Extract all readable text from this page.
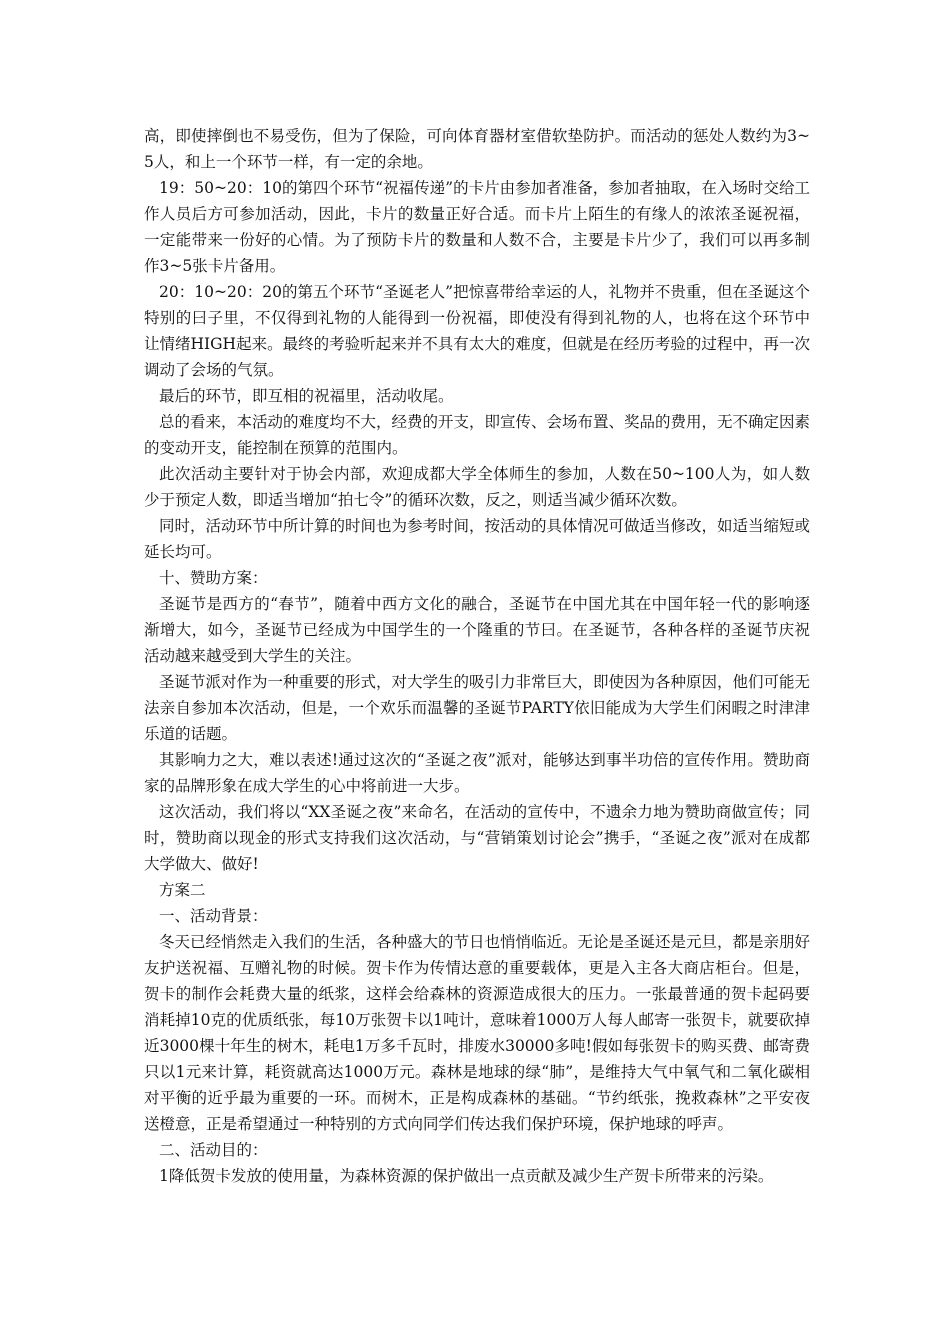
高，即使摔倒也不易受伤，但为了保险，可向体育器材室借软垫防护。而活动的惩处人数约为3~5人，和上一个环节一样，有一定的余地。

19：50~20：10的第四个环节“祝福传递”的卡片由参加者准备，参加者抽取，在入场时交给工作人员后方可参加活动，因此，卡片的数量正好合适。而卡片上陌生的有缘人的浓浓圣诞祝福，一定能带来一份好的心情。为了预防卡片的数量和人数不合，主要是卡片少了，我们可以再多制作3~5张卡片备用。

20：10~20：20的第五个环节“圣诞老人”把惊喜带给幸运的人，礼物并不贵重，但在圣诞这个特别的曰子里，不仅得到礼物的人能得到一份祝福，即使没有得到礼物的人，也将在这个环节中让情绪HIGH起来。最终的考验听起来并不具有太大的难度，但就是在经历考验的过程中，再一次调动了会场的气氛。

最后的环节，即互相的祝福里，活动收尾。

总的看来，本活动的难度均不大，经费的开支，即宣传、会场布置、奖品的费用，无不确定因素的变动开支，能控制在预算的范围内。

此次活动主要针对于协会内部，欢迎成都大学全体师生的参加，人数在50~100人为，如人数少于预定人数，即适当增加“拍七令”的循环次数，反之，则适当减少循环次数。

同时，活动环节中所计算的时间也为参考时间，按活动的具体情况可做适当修改，如适当缩短或延长均可。

十、赞助方案：

圣诞节是西方的“春节”，随着中西方文化的融合，圣诞节在中国尤其在中国年轻一代的影响逐渐增大，如今，圣诞节已经成为中国学生的一个隆重的节曰。在圣诞节，各种各样的圣诞节庆祝活动越来越受到大学生的关注。

圣诞节派对作为一种重要的形式，对大学生的吸引力非常巨大，即使因为各种原因，他们可能无法亲自参加本次活动，但是，一个欢乐而温馨的圣诞节PARTY依旧能成为大学生们闲暇之时津津乐道的话题。

其影响力之大，难以表述!通过这次的“圣诞之夜”派对，能够达到事半功倍的宣传作用。赞助商家的品牌形象在成大学生的心中将前进一大步。

这次活动，我们将以“XX圣诞之夜”来命名，在活动的宣传中，不遗余力地为赞助商做宣传；同时，赞助商以现金的形式支持我们这次活动，与“营销策划讨论会”携手，“圣诞之夜”派对在成都大学做大、做好!

方案二

一、活动背景：

冬天已经悄然走入我们的生活，各种盛大的节日也悄悄临近。无论是圣诞还是元旦，都是亲朋好友护送祝福、互赠礼物的时候。贺卡作为传情达意的重要载体，更是入主各大商店柜台。但是，贺卡的制作会耗费大量的纸浆，这样会给森林的资源造成很大的压力。一张最普通的贺卡起码要消耗掉10克的优质纸张，每10万张贺卡以1吨计，意味着1000万人每人邮寄一张贺卡，就要砍掉近3000棵十年生的树木，耗电1万多千瓦时，排废水30000多吨!假如每张贺卡的购买费、邮寄费只以1元来计算，耗资就高达1000万元。森林是地球的绿“肺”，是维持大气中氧气和二氧化碳相对平衡的近乎最为重要的一环。而树木，正是构成森林的基础。“节约纸张，挽救森林”之平安夜送橙意，正是希望通过一种特别的方式向同学们传达我们保护环境，保护地球的呼声。

二、活动目的：

1降低贺卡发放的使用量，为森林资源的保护做出一点贡献及减少生产贺卡所带来的污染。
